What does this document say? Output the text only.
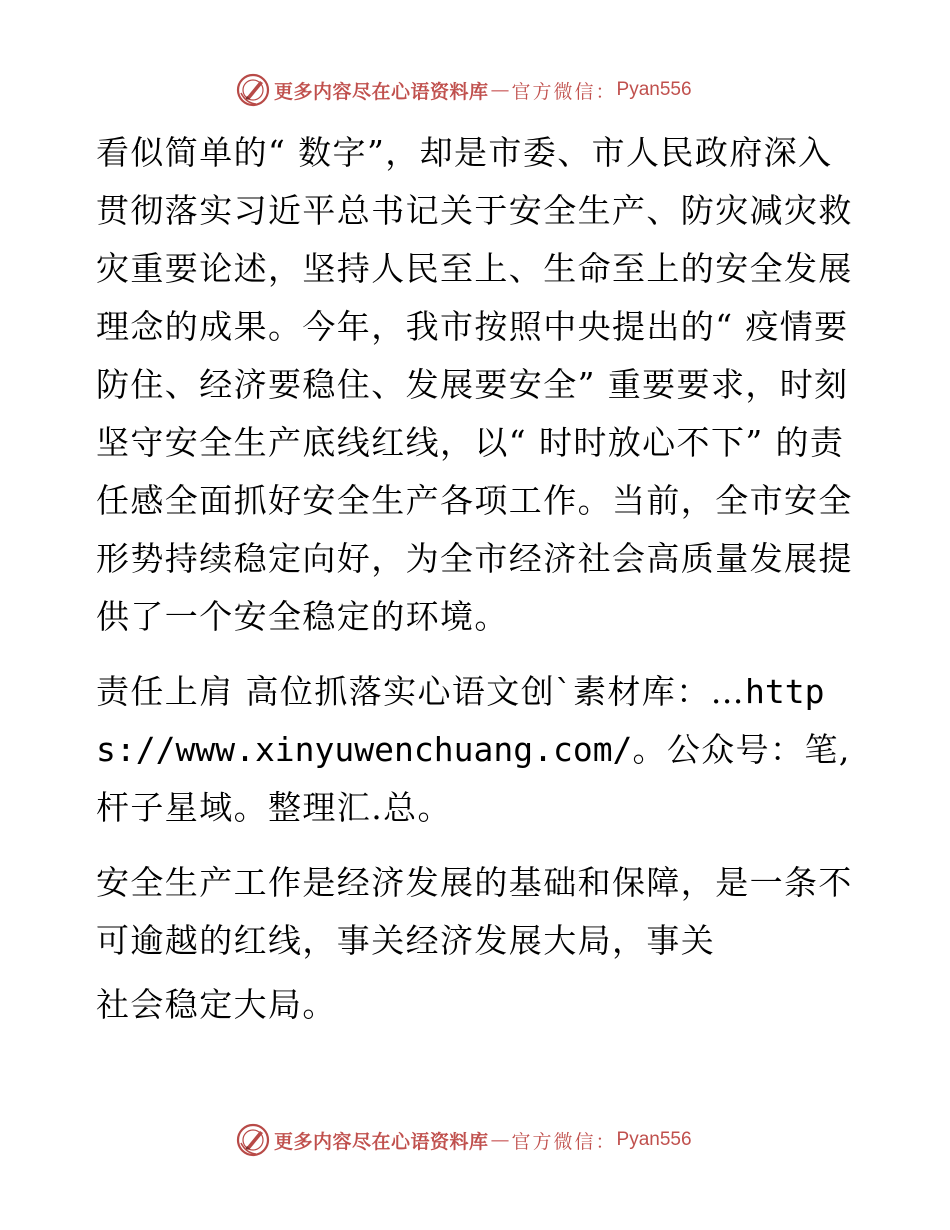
更多内容尽在心语资料库 — 官方微信： Pyan556

看似简单的“ 数字”，却是市委、市人民政府深入贯彻落实习近平总书记关于安全生产、防灾减灾救灾重要论述，坚持人民至上、生命至上的安全发展理念的成果。今年，我市按照中央提出的“ 疫情要防住、经济要稳住、发展要安全” 重要要求，时刻坚守安全生产底线红线，以“ 时时放心不下” 的责任感全面抓好安全生产各项工作。当前，全市安全形势持续稳定向好，为全市经济社会高质量发展提供了一个安全稳定的环境。

责任上肩 高位抓落实心语文创`素材库：…https://www.xinyuwenchuang.com/。公众号：笔,杆子星域。整理汇.总。

安全生产工作是经济发展的基础和保障，是一条不可逾越的红线，事关经济发展大局，事关

社会稳定大局。

更多内容尽在心语资料库 — 官方微信： Pyan556
